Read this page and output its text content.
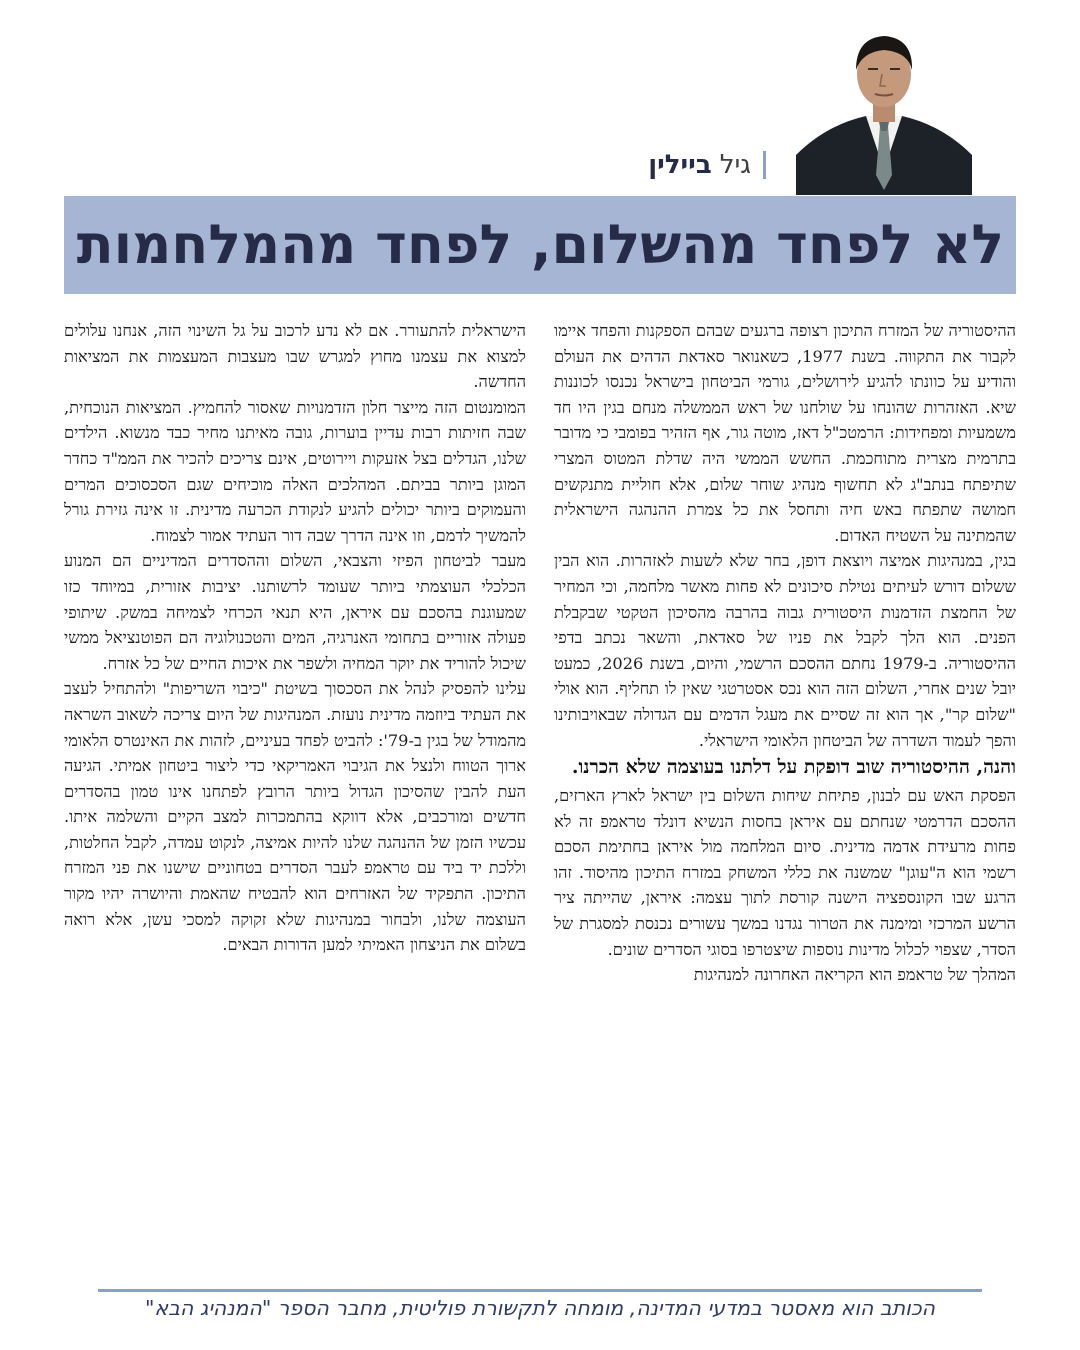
גיל
ביילין
לא לפחד מהשלום, לפחד מהמלחמות

ההיסטוריה של המזרח התיכון רצופה ברגעים שבהם הספקנות והפחד איימו לקבור את התקווה. בשנת 1977, כשאנואר סאדאת הדהים את העולם והודיע על כוונתו להגיע לירושלים, גורמי הביטחון בישראל נכנסו לכוננות שיא. האזהרות שהונחו על שולחנו של ראש הממשלה מנחם בגין היו חד משמעיות ומפחידות: הרמטכ"ל דאז, מוטה גור, אף הזהיר בפומבי כי מדובר בתרמית מצרית מתוחכמת. החשש הממשי היה שדלת המטוס המצרי שתיפתח בנתב"ג לא תחשוף מנהיג שוחר שלום, אלא חוליית מתנקשים חמושה שתפתח באש חיה ותחסל את כל צמרת ההנהגה הישראלית שהמתינה על השטיח האדום.

בגין, במנהיגות אמיצה ויוצאת דופן, בחר שלא לשעות לאזהרות. הוא הבין ששלום דורש לעיתים נטילת סיכונים לא פחות מאשר מלחמה, וכי המחיר של החמצת הזדמנות היסטורית גבוה בהרבה מהסיכון הטקטי שבקבלת הפנים. הוא הלך לקבל את פניו של סאדאת, והשאר נכתב בדפי ההיסטוריה. ב-1979 נחתם ההסכם הרשמי, והיום, בשנת 2026, כמעט יובל שנים אחרי, השלום הזה הוא נכס אסטרטגי שאין לו תחליף. הוא אולי "שלום קר", אך הוא זה שסיים את מעגל הדמים עם הגדולה שבאויבותינו והפך לעמוד השדרה של הביטחון הלאומי הישראלי.

והנה, ההיסטוריה שוב דופקת על דלתנו בעוצמה שלא הכרנו.

הפסקת האש עם לבנון, פתיחת שיחות השלום בין ישראל לארץ הארזים, ההסכם הדרמטי שנחתם עם איראן בחסות הנשיא דונלד טראמפ זה לא פחות מרעידת אדמה מדינית. סיום המלחמה מול איראן בחתימת הסכם רשמי הוא ה"עוגן" שמשנה את כללי המשחק במזרח התיכון מהיסוד. זהו הרגע שבו הקונספציה הישנה קורסת לתוך עצמה: איראן, שהייתה ציר הרשע המרכזי ומימנה את הטרור נגדנו במשך עשורים נכנסת למסגרת של הסדר, שצפוי לכלול מדינות נוספות שיצטרפו בסוגי הסדרים שונים.

המהלך של טראמפ הוא הקריאה האחרונה למנהיגות

הישראלית להתעורר. אם לא נדע לרכוב על גל השינוי הזה, אנחנו עלולים למצוא את עצמנו מחוץ למגרש שבו מעצבות המעצמות את המציאות החדשה.

המומנטום הזה מייצר חלון הזדמנויות שאסור להחמיץ. המציאות הנוכחית, שבה חזיתות רבות עדיין בוערות, גובה מאיתנו מחיר כבד מנשוא. הילדים שלנו, הגדלים בצל אזעקות ויירוטים, אינם צריכים להכיר את הממ"ד כחדר המוגן ביותר בביתם. המהלכים האלה מוכיחים שגם הסכסוכים המרים והעמוקים ביותר יכולים להגיע לנקודת הכרעה מדינית. זו אינה גזירת גורל להמשיך לדמם, וזו אינה הדרך שבה דור העתיד אמור לצמוח.

מעבר לביטחון הפיזי והצבאי, השלום וההסדרים המדיניים הם המנוע הכלכלי העוצמתי ביותר שעומד לרשותנו. יציבות אזורית, במיוחד כזו שמעוגנת בהסכם עם איראן, היא תנאי הכרחי לצמיחה במשק. שיתופי פעולה אזוריים בתחומי האנרגיה, המים והטכנולוגיה הם הפוטנציאל ממשי שיכול להוריד את יוקר המחיה ולשפר את איכות החיים של כל אזרח.

עלינו להפסיק לנהל את הסכסוך בשיטת "כיבוי השריפות" ולהתחיל לעצב את העתיד ביוזמה מדינית נועזת. המנהיגות של היום צריכה לשאוב השראה מהמודל של בגין ב-79': להביט לפחד בעיניים, לזהות את האינטרס הלאומי ארוך הטווח ולנצל את הגיבוי האמריקאי כדי ליצור ביטחון אמיתי. הגיעה העת להבין שהסיכון הגדול ביותר הרובץ לפתחנו אינו טמון בהסדרים חדשים ומורכבים, אלא דווקא בהתמכרות למצב הקיים והשלמה איתו. עכשיו הזמן של ההנהגה שלנו להיות אמיצה, לנקוט עמדה, לקבל החלטות, וללכת יד ביד עם טראמפ לעבר הסדרים בטחוניים שישנו את פני המזרח התיכון. התפקיד של האזרחים הוא להבטיח שהאמת והיושרה יהיו מקור העוצמה שלנו, ולבחור במנהיגות שלא זקוקה למסכי עשן, אלא רואה בשלום את הניצחון האמיתי למען הדורות הבאים.

הכותב הוא מאסטר במדעי המדינה, מומחה לתקשורת פוליטית, מחבר הספר "המנהיג הבא"
